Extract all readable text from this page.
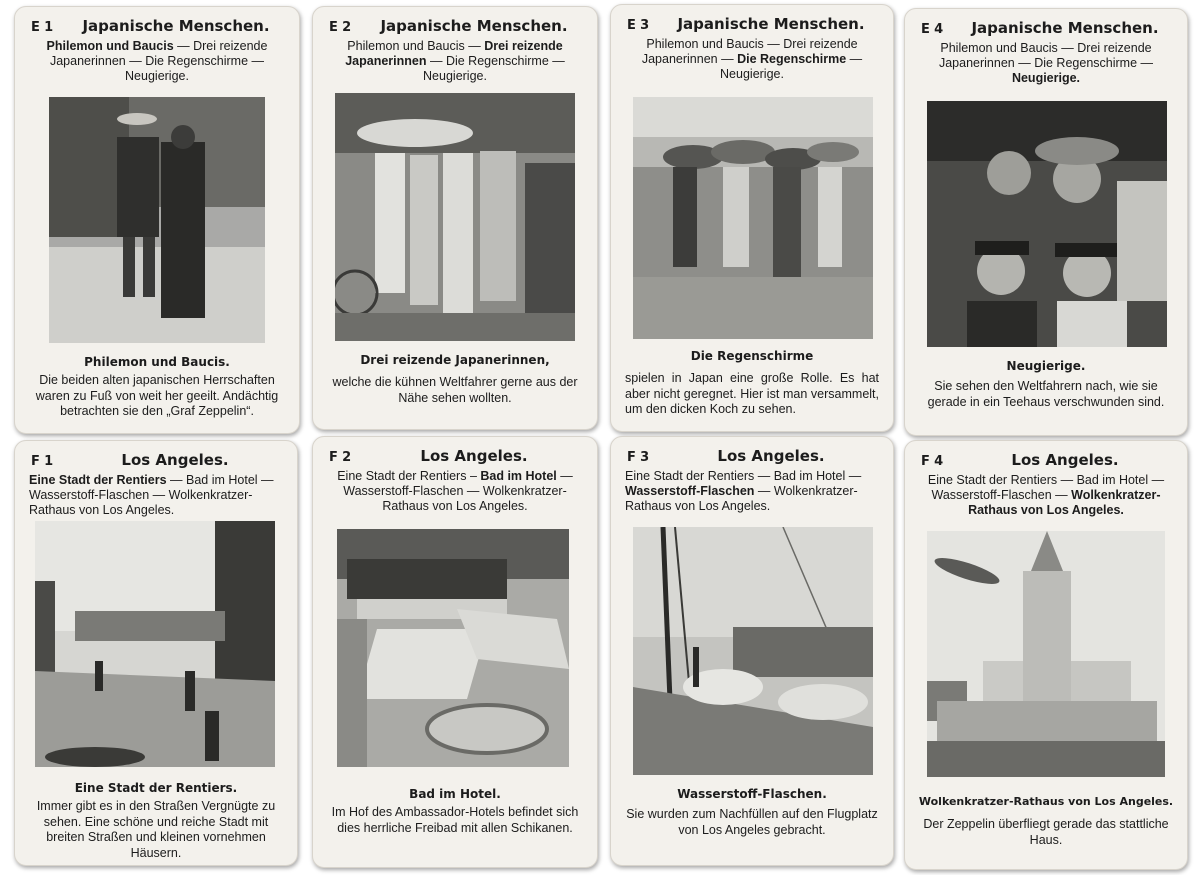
E 1	Japanische Menschen.
Philemon und Baucis — Drei reizende Japanerinnen — Die Regenschirme — Neugierige.
Philemon und Baucis.
Die beiden alten japanischen Herrschaften waren zu Fuß von weit her geeilt. Andächtig betrachten sie den „Graf Zeppelin“.
E 2	Japanische Menschen.
Philemon und Baucis — Drei reizende Japanerinnen — Die Regenschirme — Neugierige.
Drei reizende Japanerinnen,
welche die kühnen Weltfahrer gerne aus der Nähe sehen wollten.
E 3	Japanische Menschen.
Philemon und Baucis — Drei reizende Japanerinnen — Die Regenschirme — Neugierige.
Die Regenschirme
spielen in Japan eine große Rolle. Es hat aber nicht geregnet. Hier ist man versammelt, um den dicken Koch zu sehen.
E 4	Japanische Menschen.
Philemon und Baucis — Drei reizende Japanerinnen — Die Regenschirme — Neugierige.
Neugierige.
Sie sehen den Weltfahrern nach, wie sie gerade in ein Teehaus verschwunden sind.
F 1	Los Angeles.
Eine Stadt der Rentiers — Bad im Hotel — Wasserstoff-Flaschen — Wolkenkratzer-Rathaus von Los Angeles.
Eine Stadt der Rentiers.
Immer gibt es in den Straßen Vergnügte zu sehen. Eine schöne und reiche Stadt mit breiten Straßen und kleinen vornehmen Häusern.
F 2	Los Angeles.
Eine Stadt der Rentiers – Bad im Hotel — Wasserstoff-Flaschen — Wolkenkratzer-Rathaus von Los Angeles.
Bad im Hotel.
Im Hof des Ambassador-Hotels befindet sich dies herrliche Freibad mit allen Schikanen.
F 3	Los Angeles.
Eine Stadt der Rentiers — Bad im Hotel — Wasserstoff-Flaschen — Wolkenkratzer-Rathaus von Los Angeles.
Wasserstoff-Flaschen.
Sie wurden zum Nachfüllen auf den Flugplatz von Los Angeles gebracht.
F 4	Los Angeles.
Eine Stadt der Rentiers — Bad im Hotel — Wasserstoff-Flaschen — Wolkenkratzer-Rathaus von Los Angeles.
Wolkenkratzer-Rathaus von Los Angeles.
Der Zeppelin überfliegt gerade das stattliche Haus.
